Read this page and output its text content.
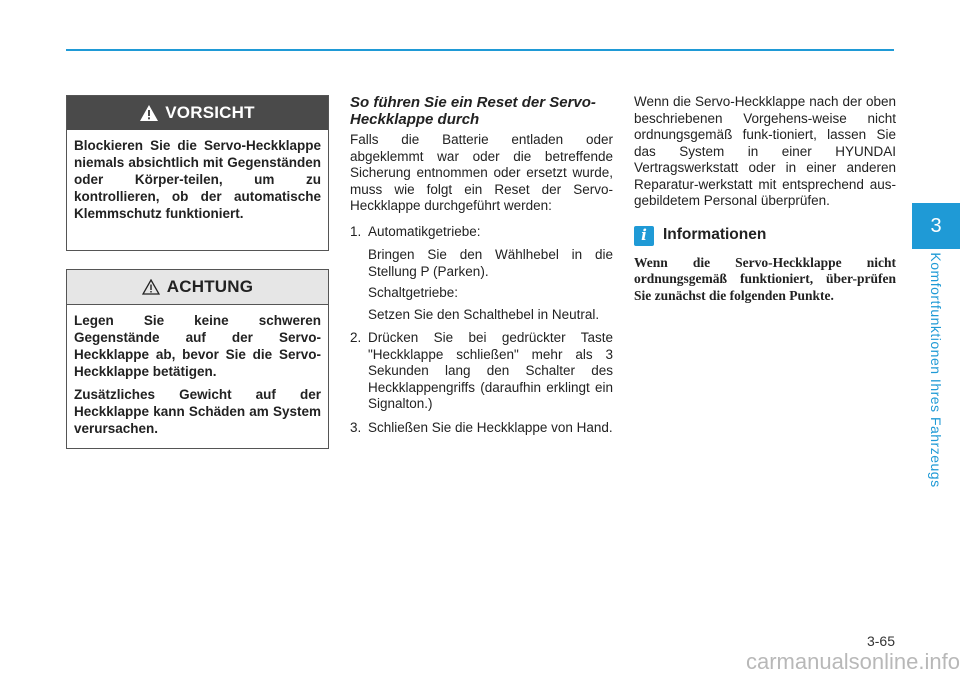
VORSICHT

Blockieren Sie die Servo-Heckklappe niemals absichtlich mit Gegenständen oder Körper-teilen, um zu kontrollieren, ob der automatische Klemmschutz funktioniert.

ACHTUNG

Legen Sie keine schweren Gegenstände auf der Servo-Heckklappe ab, bevor Sie die Servo-Heckklappe betätigen.

Zusätzliches Gewicht auf der Heckklappe kann Schäden am System verursachen.

So führen Sie ein Reset der Servo-Heckklappe durch

Falls die Batterie entladen oder abgeklemmt war oder die betreffende Sicherung entnommen oder ersetzt wurde, muss wie folgt ein Reset der Servo-Heckklappe durchgeführt werden:

1. Automatikgetriebe:
Bringen Sie den Wählhebel in die Stellung P (Parken).
Schaltgetriebe:
Setzen Sie den Schalthebel in Neutral.
2. Drücken Sie bei gedrückter Taste "Heckklappe schließen" mehr als 3 Sekunden lang den Schalter des Heckklappengriffs (daraufhin erklingt ein Signalton.)
3. Schließen Sie die Heckklappe von Hand.

Wenn die Servo-Heckklappe nach der oben beschriebenen Vorgehens-weise nicht ordnungsgemäß funk-tioniert, lassen Sie das System in einer HYUNDAI Vertragswerkstatt oder in einer anderen Reparatur-werkstatt mit entsprechend aus-gebildetem Personal überprüfen.

i	Informationen

Wenn die Servo-Heckklappe nicht ordnungsgemäß funktioniert, über-prüfen Sie zunächst die folgenden Punkte.

3
Komfortfunktionen Ihres Fahrzeugs
3-65
carmanualsonline.info
